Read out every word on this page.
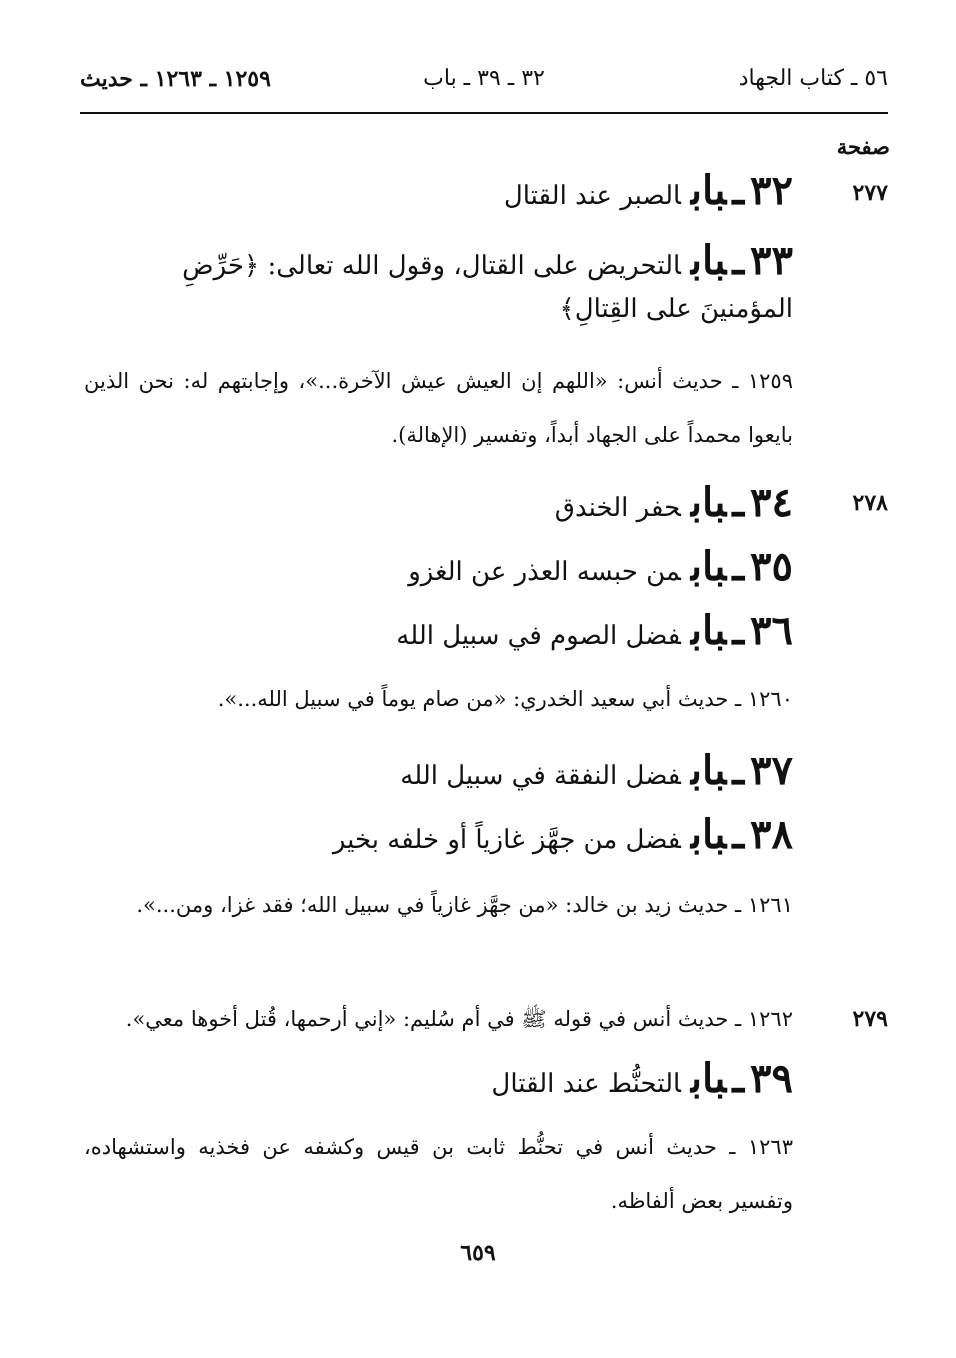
٥٦ ـ كتاب الجهاد
٣٢ ـ ٣٩ ـ باب
١٢٥٩ ـ ١٢٦٣ ـ حديث
صفحة
٢٧٧
٢٧٨
٢٧٩
٣٢ـبابالصبر عند القتال
٣٣ـبابالتحريض على القتال، وقول الله تعالى: ﴿حَرِّضِ
المؤمنينَ على القِتالِ﴾
١٢٥٩ ـ حديث أنس: «اللهم إن العيش عيش الآخرة...»، وإجابتهم له: نحن الذين بايعوا محمداً على الجهاد أبداً، وتفسير (الإهالة).
٣٤ـبابحفر الخندق
٣٥ـبابمن حبسه العذر عن الغزو
٣٦ـبابفضل الصوم في سبيل الله
١٢٦٠ ـ حديث أبي سعيد الخدري: «من صام يوماً في سبيل الله...».
٣٧ـبابفضل النفقة في سبيل الله
٣٨ـبابفضل من جهَّز غازياً أو خلفه بخير
١٢٦١ ـ حديث زيد بن خالد: «من جهَّز غازياً في سبيل الله؛ فقد غزا، ومن...».
١٢٦٢ ـ حديث أنس في قوله ﷺ في أم سُليم: «إني أرحمها، قُتل أخوها معي».
٣٩ـبابالتحنُّط عند القتال
١٢٦٣ ـ حديث أنس في تحنُّط ثابت بن قيس وكشفه عن فخذيه واستشهاده، وتفسير بعض ألفاظه.
٦٥٩
